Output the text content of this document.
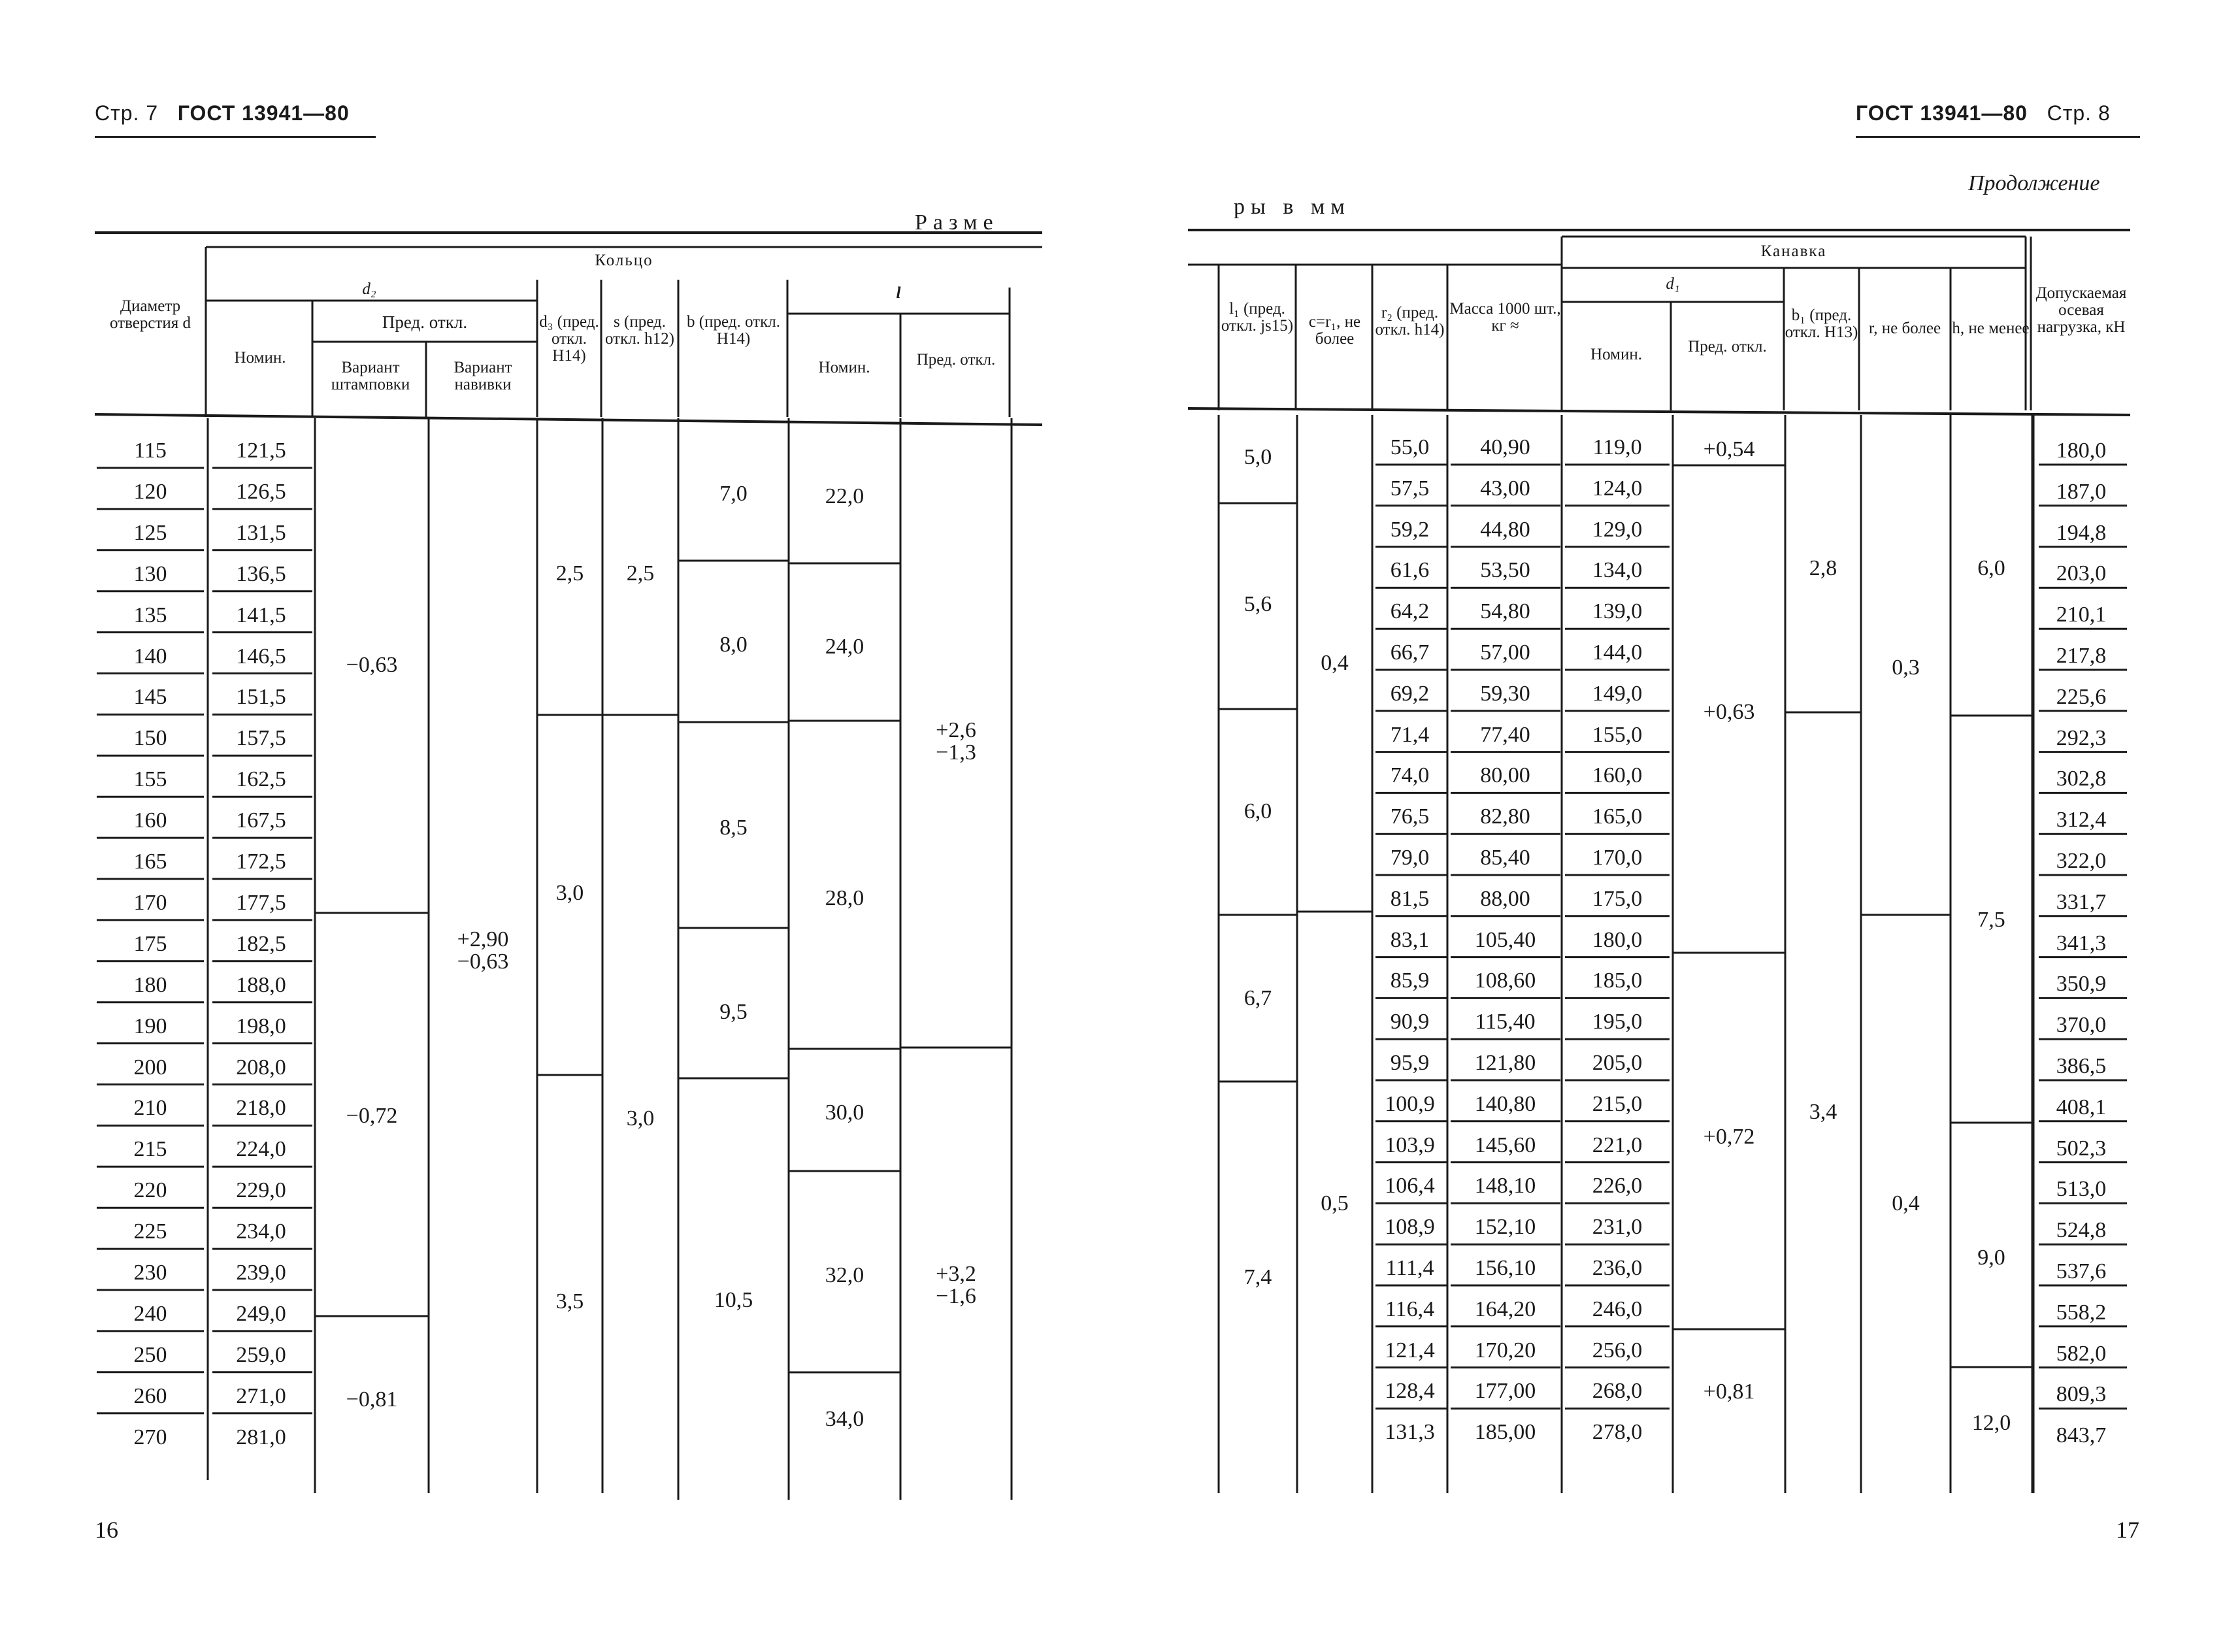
Стр. 7 ГОСТ 13941—80
Разме
Диаметр отверстия d
Кольцо
d₂
Пред. откл.
Номин.
Вариант штамповки
Вариант навивки
d₃ (пред. откл. H14)
s (пред. откл. h12)
b (пред. откл. H14)
l
Номин.	Пред. откл.
115
120
125
130
135
140
145
150
155
160
165
170
175
180
190
200
210
215
220
225
230
240
250
260
270
121,5
126,5
131,5
136,5
141,5
146,5
151,5
157,5
162,5
167,5
172,5
177,5
182,5
188,0
198,0
208,0
218,0
224,0
229,0
234,0
239,0
249,0
259,0
271,0
281,0
−0,63
−0,72
−0,81
+2,90
−0,63
2,5
3,0
3,5
2,5
3,0
7,0
8,0
8,5
9,5
10,5
22,0
24,0
28,0
30,0
32,0
34,0
+2,6
−1,3
+3,2
−1,6
16
ГОСТ 13941—80 Стр. 8
Продолжение
ры в мм
l₁ (пред. откл. js15) c=r₁, не более
r₂ (пред. откл. h14)
Масса 1000 шт., кг ≈
Канавка
d₁
Номин.	Пред. откл.
b₁ (пред. откл. H13) r, не более h, не менее
Допускаемая осевая нагрузка, кН
55,0
57,5
59,2
61,6
64,2
66,7
69,2
71,4
74,0
76,5
79,0
81,5
83,1
85,9
90,9
95,9
100,9
103,9
106,4
108,9
111,4
116,4
121,4
128,4
131,3
40,90
43,00
44,80
53,50
54,80
57,00
59,30
77,40
80,00
82,80
85,40
88,00
105,40
108,60
115,40
121,80
140,80
145,60
148,10
152,10
156,10
164,20
170,20
177,00
185,00
119,0
124,0
129,0
134,0
139,0
144,0
149,0
155,0
160,0
165,0
170,0
175,0
180,0
185,0
195,0
205,0
215,0
221,0
226,0
231,0
236,0
246,0
256,0
268,0
278,0
180,0
187,0
194,8
203,0
210,1
217,8
225,6
292,3
302,8
312,4
322,0
331,7
341,3
350,9
370,0
386,5
408,1
502,3
513,0
524,8
537,6
558,2
582,0
809,3
843,7
5,0
5,6
6,0
6,7
7,4
0,4
0,5
+0,54
+0,63
+0,72
+0,81
2,8
3,4
0,3
0,4
6,0
7,5
9,0
12,0
17
